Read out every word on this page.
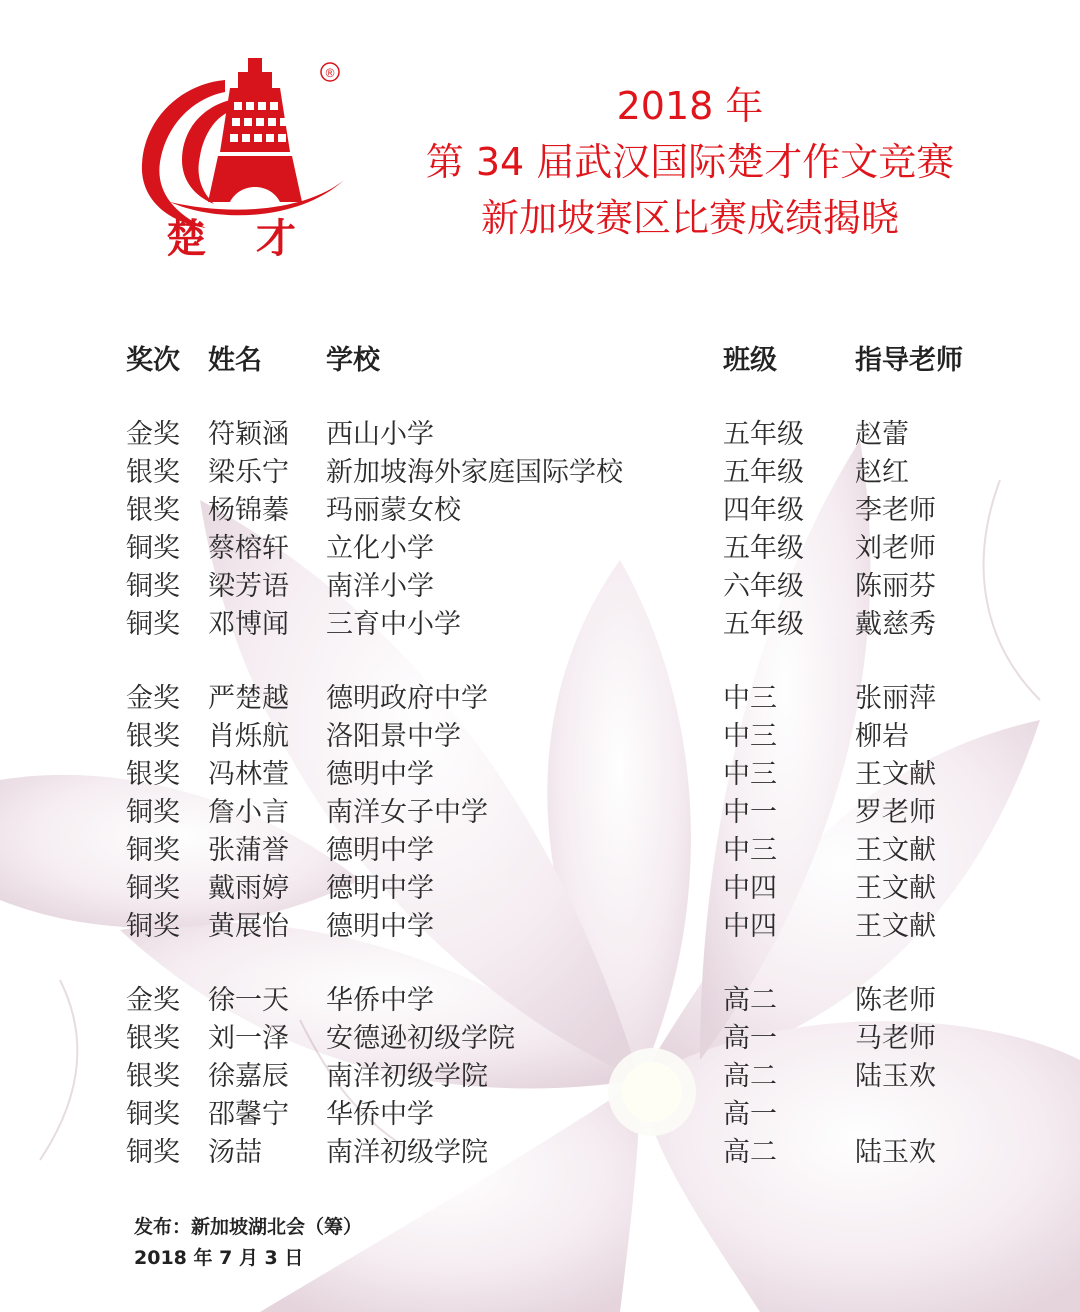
®
楚 才
2018 年
第 34 届武汉国际楚才作文竞赛
新加坡赛区比赛成绩揭晓
奖次 姓名 学校	班级	指导老师
金奖 符颖涵 西山小学	五年级 赵蕾
银奖 梁乐宁 新加坡海外家庭国际学校	五年级 赵红
银奖 杨锦蓁 玛丽蒙女校	四年级 李老师
铜奖 蔡榕轩 立化小学	五年级 刘老师
铜奖 梁芳语 南洋小学	六年级 陈丽芬
铜奖 邓博闻 三育中小学	五年级 戴慈秀
金奖 严楚越 德明政府中学	中三	张丽萍
银奖 肖烁航 洛阳景中学	中三	柳岩
银奖 冯林萱 德明中学	中三	王文献
铜奖 詹小言 南洋女子中学	中一	罗老师
铜奖 张蒲誉 德明中学	中三	王文献
铜奖 戴雨婷 德明中学	中四	王文献
铜奖 黄展怡 德明中学	中四	王文献
金奖 徐一天 华侨中学	高二	陈老师
银奖 刘一泽 安德逊初级学院	高一	马老师
银奖 徐嘉辰 南洋初级学院	高二	陆玉欢
铜奖 邵馨宁 华侨中学	高一
铜奖 汤喆 南洋初级学院	高二	陆玉欢
发布：新加坡湖北会（筹）
2018 年 7 月 3 日
